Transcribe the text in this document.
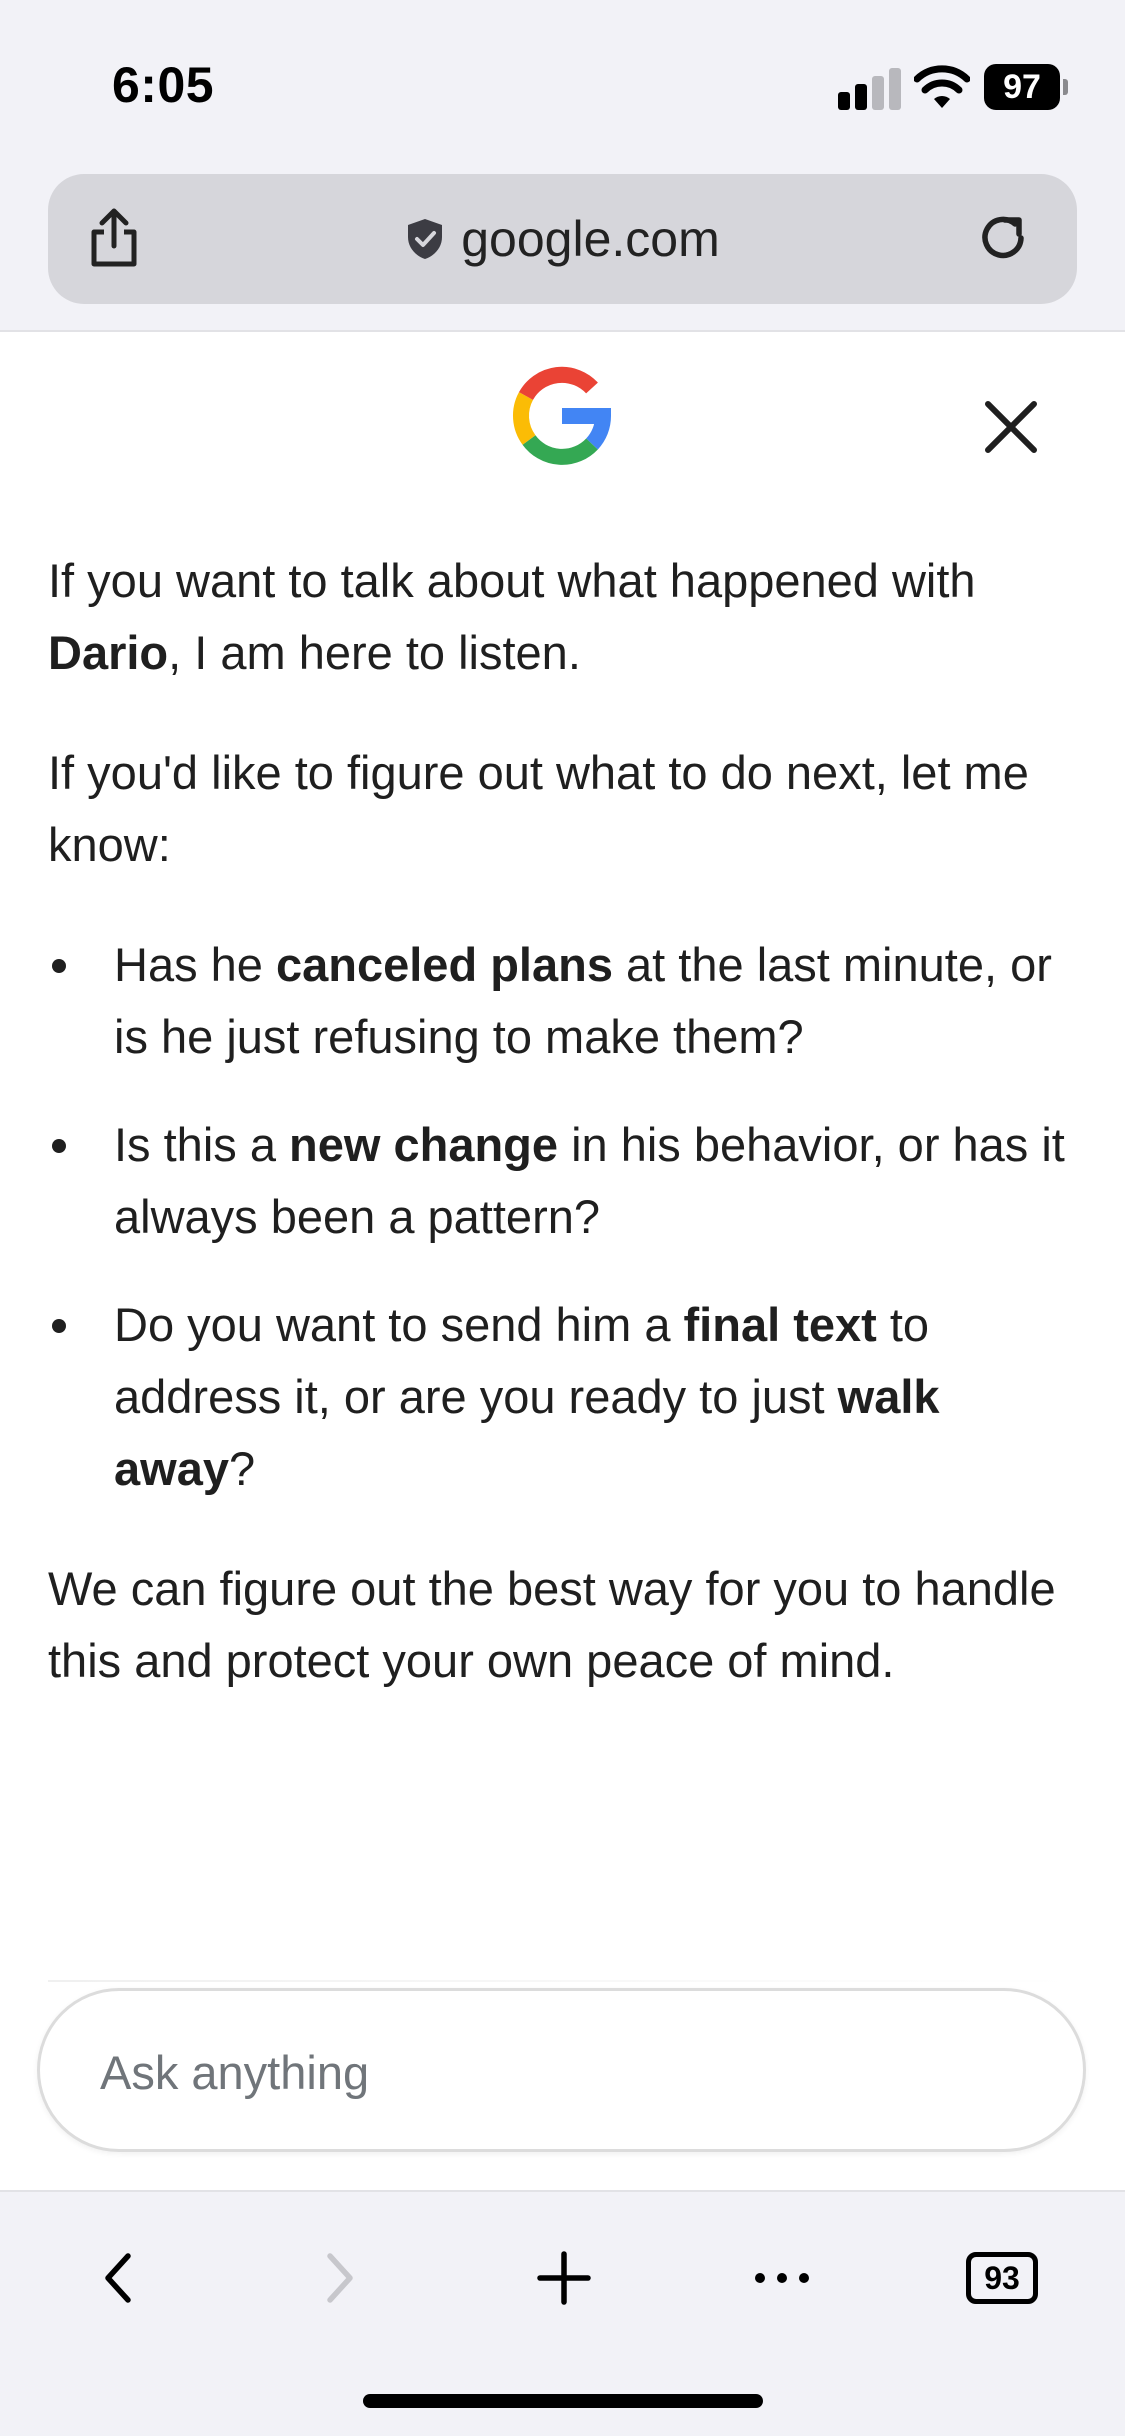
6:05	97
google.com

If you want to talk about what happened with Dario, I am here to listen.

If you'd like to figure out what to do next, let me know:

Has he canceled plans at the last minute, or is he just refusing to make them?
Is this a new change in his behavior, or has it always been a pattern?
Do you want to send him a final text to address it, or are you ready to just walk away?

We can figure out the best way for you to handle this and protect your own peace of mind.

Ask anything
93
